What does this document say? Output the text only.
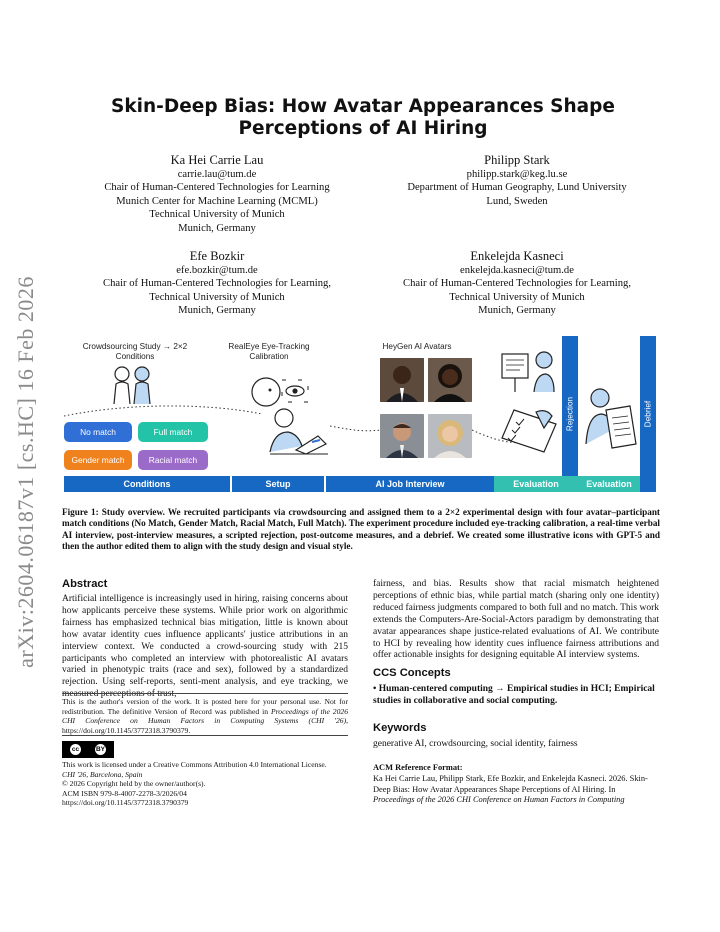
arXiv:2604.06187v1 [cs.HC] 16 Feb 2026
Skin-Deep Bias: How Avatar Appearances Shape Perceptions of AI Hiring
Ka Hei Carrie Lau
carrie.lau@tum.de
Chair of Human-Centered Technologies for Learning
Munich Center for Machine Learning (MCML)
Technical University of Munich
Munich, Germany
Philipp Stark
philipp.stark@keg.lu.se
Department of Human Geography, Lund University
Lund, Sweden
Efe Bozkir
efe.bozkir@tum.de
Chair of Human-Centered Technologies for Learning,
Technical University of Munich
Munich, Germany
Enkelejda Kasneci
enkelejda.kasneci@tum.de
Chair of Human-Centered Technologies for Learning,
Technical University of Munich
Munich, Germany
Crowdsourcing Study → 2×2 Conditions
RealEye Eye-Tracking Calibration
HeyGen AI Avatars
No match	Full match
Gender match	Racial match
Rejection	Debrief
Conditions	Setup	AI Job Interview	Evaluation	Evaluation
Figure 1: Study overview. We recruited participants via crowdsourcing and assigned them to a 2×2 experimental design with four avatar–participant match conditions (No Match, Gender Match, Racial Match, Full Match). The experiment procedure included eye-tracking calibration, a real-time verbal AI interview, post-interview measures, a scripted rejection, post-outcome measures, and a debrief. We created some illustrative icons with GPT-5 and then the author edited them to align with the study design and visual style.
Abstract
Artificial intelligence is increasingly used in hiring, raising concerns about how applicants perceive these systems. While prior work on algorithmic fairness has emphasized technical bias mitigation, little is known about how avatar identity cues influence applicants' justice attributions in an interview context. We conducted a crowd-sourcing study with 215 participants who completed an interview with photorealistic AI avatars varied in phenotypic traits (race and sex), followed by a standardized rejection. Using self-reports, senti-ment analysis, and eye tracking, we measured perceptions of trust,
fairness, and bias. Results show that racial mismatch heightened perceptions of ethnic bias, while partial match (sharing only one identity) reduced fairness judgments compared to both full and no match. This work extends the Computers-Are-Social-Actors paradigm by demonstrating that avatar appearances shape justice-related evaluations of AI. We contribute to HCI by revealing how identity cues influence fairness attributions and offer actionable insights for designing equitable AI interview systems.
This is the author's version of the work. It is posted here for your personal use. Not for redistribution. The definitive Version of Record was published in Proceedings of the 2026 CHI Conference on Human Factors in Computing Systems (CHI '26), https://doi.org/10.1145/3772318.3790379.
cc	BY
This work is licensed under a Creative Commons Attribution 4.0 International License.
CHI '26, Barcelona, Spain
© 2026 Copyright held by the owner/author(s).
ACM ISBN 979-8-4007-2278-3/2026/04
https://doi.org/10.1145/3772318.3790379
CCS Concepts
• Human-centered computing → Empirical studies in HCI; Empirical studies in collaborative and social computing.
Keywords
generative AI, crowdsourcing, social identity, fairness
ACM Reference Format:
Ka Hei Carrie Lau, Philipp Stark, Efe Bozkir, and Enkelejda Kasneci. 2026. Skin-Deep Bias: How Avatar Appearances Shape Perceptions of AI Hiring. In Proceedings of the 2026 CHI Conference on Human Factors in Computing
